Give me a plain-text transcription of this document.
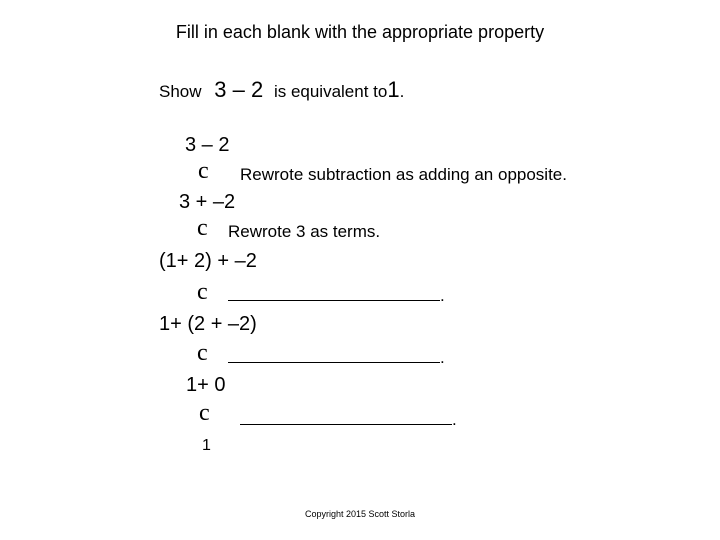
Fill in each blank with the appropriate property
Show 3 – 2 is equivalent to1.
3 – 2
c Rewrote subtraction as adding an opposite.
3 + –2
c Rewrote 3 as terms.
(1+ 2) + –2
c	.
1+ (2 + –2)
c	.
1+ 0
c	.
1
Copyright 2015 Scott Storla
